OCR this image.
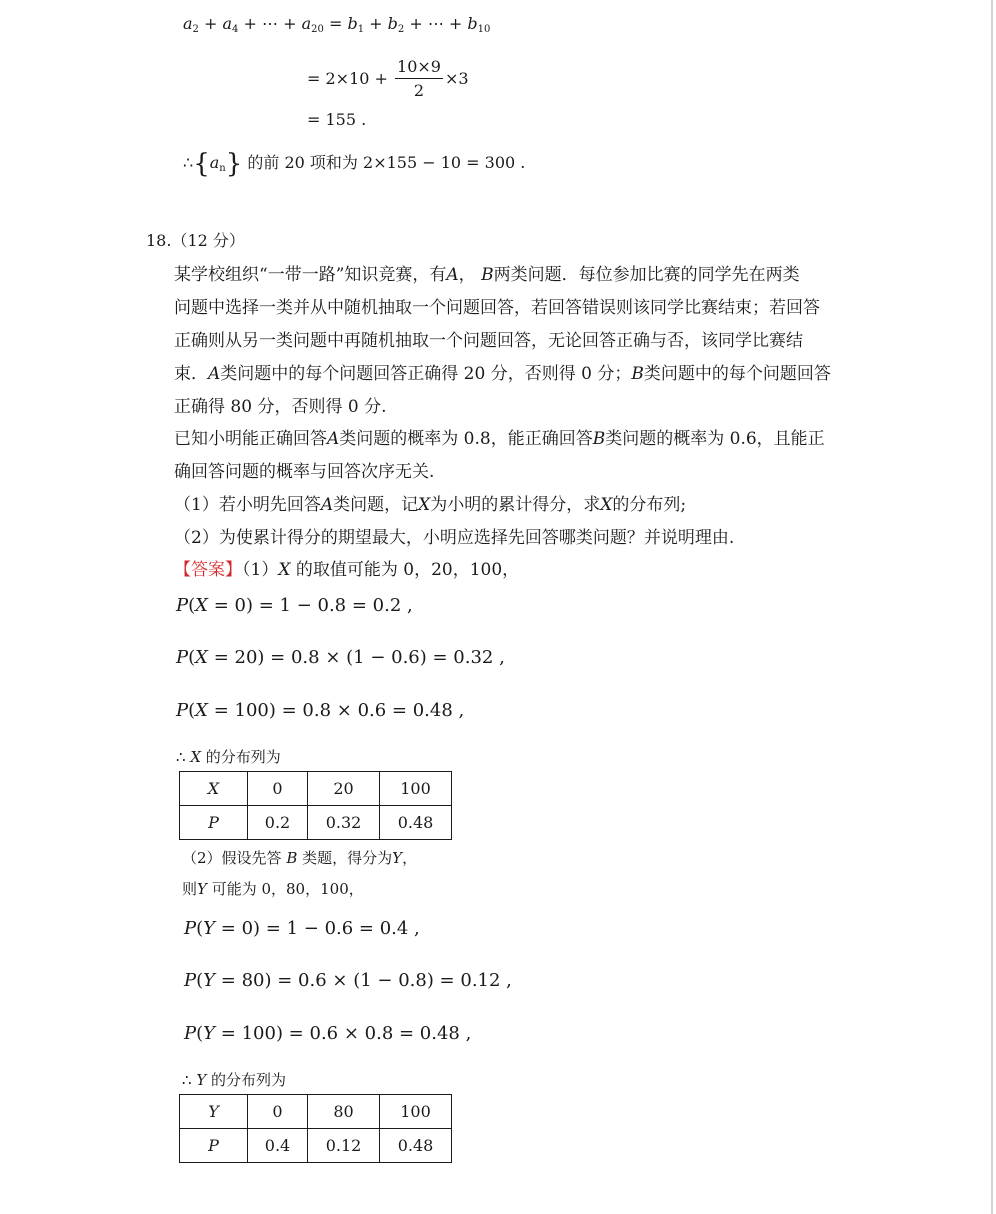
$a_2 + a_4$ + ⋯ + $a_{20} = b_1 + b_2$ + ⋯ + $b_{10}$
= $2\times 10 + \frac{10\times 9}{2} \times 3$
= 155 .
$\therefore\{a_n\}$ 的前 20 项和为 2×155 − 10 = 300 .
18.（12 分）
某学校组织“一带一路”知识竞赛，有A， B两类问题．每位参加比赛的同学先在两类
问题中选择一类并从中随机抽取一个问题回答，若回答错误则该同学比赛结束；若回答
正确则从另一类问题中再随机抽取一个问题回答，无论回答正确与否，该同学比赛结
束．A类问题中的每个问题回答正确得 20 分，否则得 0 分；B类问题中的每个问题回答
正确得 80 分，否则得 0 分.
已知小明能正确回答A类问题的概率为 0.8，能正确回答B类问题的概率为 0.6，且能正
确回答问题的概率与回答次序无关.
（1）若小明先回答A类问题，记X为小明的累计得分，求X的分布列;
（2）为使累计得分的期望最大，小明应选择先回答哪类问题？并说明理由.
【答案】（1）X 的取值可能为 0，20，100，
P(X = 0) = 1 − 0.8 = 0.2 ,
P(X = 20) = 0.8 × (1 − 0.6) = 0.32 ,
P(X = 100) = 0.8 × 0.6 = 0.48 ,
∴ X 的分布列为
X	0	20	100
P	0.2	0.32	0.48
（2）假设先答 B 类题，得分为Y，
则Y 可能为 0，80，100，
P(Y = 0) = 1 − 0.6 = 0.4 ,
P(Y = 80) = 0.6 × (1 − 0.8) = 0.12 ,
P(Y = 100) = 0.6 × 0.8 = 0.48 ,
∴ Y 的分布列为
Y	0	80	100
P	0.4	0.12	0.48
